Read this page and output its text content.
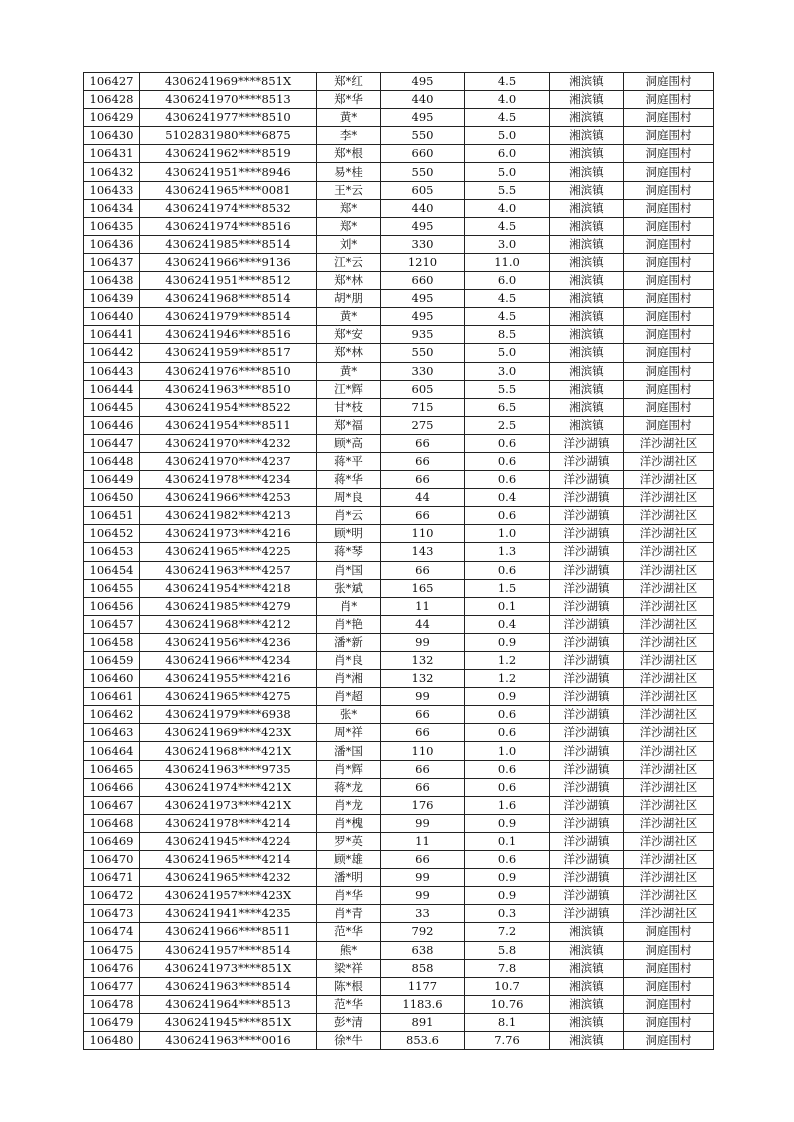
106427	4306241969****851X	郑*红	495	4.5	湘滨镇	洞庭围村
106428	4306241970****8513	郑*华	440	4.0	湘滨镇	洞庭围村
106429	4306241977****8510	黄*	495	4.5	湘滨镇	洞庭围村
106430	5102831980****6875	李*	550	5.0	湘滨镇	洞庭围村
106431	4306241962****8519	郑*根	660	6.0	湘滨镇	洞庭围村
106432	4306241951****8946	易*桂	550	5.0	湘滨镇	洞庭围村
106433	4306241965****0081	王*云	605	5.5	湘滨镇	洞庭围村
106434	4306241974****8532	郑*	440	4.0	湘滨镇	洞庭围村
106435	4306241974****8516	郑*	495	4.5	湘滨镇	洞庭围村
106436	4306241985****8514	刘*	330	3.0	湘滨镇	洞庭围村
106437	4306241966****9136	江*云	1210	11.0	湘滨镇	洞庭围村
106438	4306241951****8512	郑*林	660	6.0	湘滨镇	洞庭围村
106439	4306241968****8514	胡*朋	495	4.5	湘滨镇	洞庭围村
106440	4306241979****8514	黄*	495	4.5	湘滨镇	洞庭围村
106441	4306241946****8516	郑*安	935	8.5	湘滨镇	洞庭围村
106442	4306241959****8517	郑*林	550	5.0	湘滨镇	洞庭围村
106443	4306241976****8510	黄*	330	3.0	湘滨镇	洞庭围村
106444	4306241963****8510	江*辉	605	5.5	湘滨镇	洞庭围村
106445	4306241954****8522	甘*枝	715	6.5	湘滨镇	洞庭围村
106446	4306241954****8511	郑*福	275	2.5	湘滨镇	洞庭围村
106447	4306241970****4232	顾*高	66	0.6	洋沙湖镇	洋沙湖社区
106448	4306241970****4237	蒋*平	66	0.6	洋沙湖镇	洋沙湖社区
106449	4306241978****4234	蒋*华	66	0.6	洋沙湖镇	洋沙湖社区
106450	4306241966****4253	周*良	44	0.4	洋沙湖镇	洋沙湖社区
106451	4306241982****4213	肖*云	66	0.6	洋沙湖镇	洋沙湖社区
106452	4306241973****4216	顾*明	110	1.0	洋沙湖镇	洋沙湖社区
106453	4306241965****4225	蒋*琴	143	1.3	洋沙湖镇	洋沙湖社区
106454	4306241963****4257	肖*国	66	0.6	洋沙湖镇	洋沙湖社区
106455	4306241954****4218	张*斌	165	1.5	洋沙湖镇	洋沙湖社区
106456	4306241985****4279	肖*	11	0.1	洋沙湖镇	洋沙湖社区
106457	4306241968****4212	肖*艳	44	0.4	洋沙湖镇	洋沙湖社区
106458	4306241956****4236	潘*新	99	0.9	洋沙湖镇	洋沙湖社区
106459	4306241966****4234	肖*良	132	1.2	洋沙湖镇	洋沙湖社区
106460	4306241955****4216	肖*湘	132	1.2	洋沙湖镇	洋沙湖社区
106461	4306241965****4275	肖*超	99	0.9	洋沙湖镇	洋沙湖社区
106462	4306241979****6938	张*	66	0.6	洋沙湖镇	洋沙湖社区
106463	4306241969****423X	周*祥	66	0.6	洋沙湖镇	洋沙湖社区
106464	4306241968****421X	潘*国	110	1.0	洋沙湖镇	洋沙湖社区
106465	4306241963****9735	肖*辉	66	0.6	洋沙湖镇	洋沙湖社区
106466	4306241974****421X	蒋*龙	66	0.6	洋沙湖镇	洋沙湖社区
106467	4306241973****421X	肖*龙	176	1.6	洋沙湖镇	洋沙湖社区
106468	4306241978****4214	肖*槐	99	0.9	洋沙湖镇	洋沙湖社区
106469	4306241945****4224	罗*英	11	0.1	洋沙湖镇	洋沙湖社区
106470	4306241965****4214	顾*雄	66	0.6	洋沙湖镇	洋沙湖社区
106471	4306241965****4232	潘*明	99	0.9	洋沙湖镇	洋沙湖社区
106472	4306241957****423X	肖*华	99	0.9	洋沙湖镇	洋沙湖社区
106473	4306241941****4235	肖*青	33	0.3	洋沙湖镇	洋沙湖社区
106474	4306241966****8511	范*华	792	7.2	湘滨镇	洞庭围村
106475	4306241957****8514	熊*	638	5.8	湘滨镇	洞庭围村
106476	4306241973****851X	梁*祥	858	7.8	湘滨镇	洞庭围村
106477	4306241963****8514	陈*根	1177	10.7	湘滨镇	洞庭围村
106478	4306241964****8513	范*华	1183.6	10.76	湘滨镇	洞庭围村
106479	4306241945****851X	彭*清	891	8.1	湘滨镇	洞庭围村
106480	4306241963****0016	徐*牛	853.6	7.76	湘滨镇	洞庭围村
